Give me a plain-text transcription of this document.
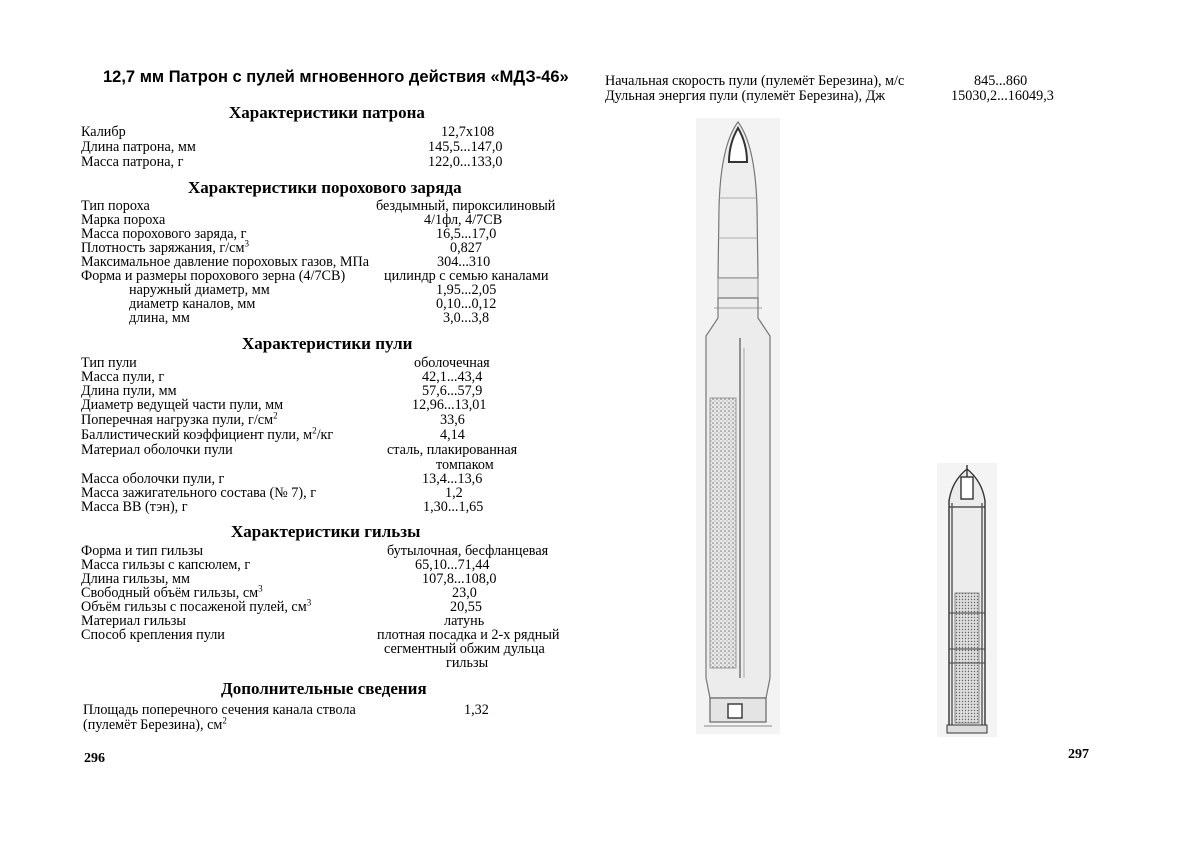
12,7 мм Патрон с пулей мгновенного действия «МДЗ-46»
Характеристики патрона
Калибр	12,7х108
Длина патрона, мм	145,5...147,0
Масса патрона, г	122,0...133,0
Характеристики порохового заряда
Тип пороха	бездымный, пироксилиновый
Марка пороха	4/1фл, 4/7СВ
Масса порохового заряда, г	16,5...17,0
Плотность заряжания, $г/см^3$	0,827
Максимальное давление пороховых газов, МПа	304...310
Форма и размеры порохового зерна (4/7СВ)	цилиндр с семью каналами
наружный диаметр, мм	1,95...2,05
диаметр каналов, мм	0,10...0,12
длина, мм	3,0...3,8
Характеристики пули
Тип пули	оболочечная
Масса пули, г	42,1...43,4
Длина пули, мм	57,6...57,9
Диаметр ведущей части пули, мм	12,96...13,01
Поперечная нагрузка пули, $г/см^2$	33,6
Баллистический коэффициент пули, $м^2/кг$	4,14
Материал оболочки пули	сталь, плакированная
томпаком
Масса оболочки пули, г	13,4...13,6
Масса зажигательного состава (№ 7), г	1,2
Масса ВВ (тэн), г	1,30...1,65
Характеристики гильзы
Форма и тип гильзы	бутылочная, бесфланцевая
Масса гильзы с капсюлем, г	65,10...71,44
Длина гильзы, мм	107,8...108,0
Свободный объём гильзы, $см^3$	23,0
Объём гильзы с посаженой пулей, $см^3$	20,55
Материал гильзы	латунь
Способ крепления пули	плотная посадка и 2-х рядный
сегментный обжим дульца
гильзы
Дополнительные сведения
Площадь поперечного сечения канала ствола	1,32
(пулемёт Березина), $см^2$
296
Начальная скорость пули (пулемёт Березина), м/с	845...860
Дульная энергия пули (пулемёт Березина), Дж	15030,2...16049,3
297
